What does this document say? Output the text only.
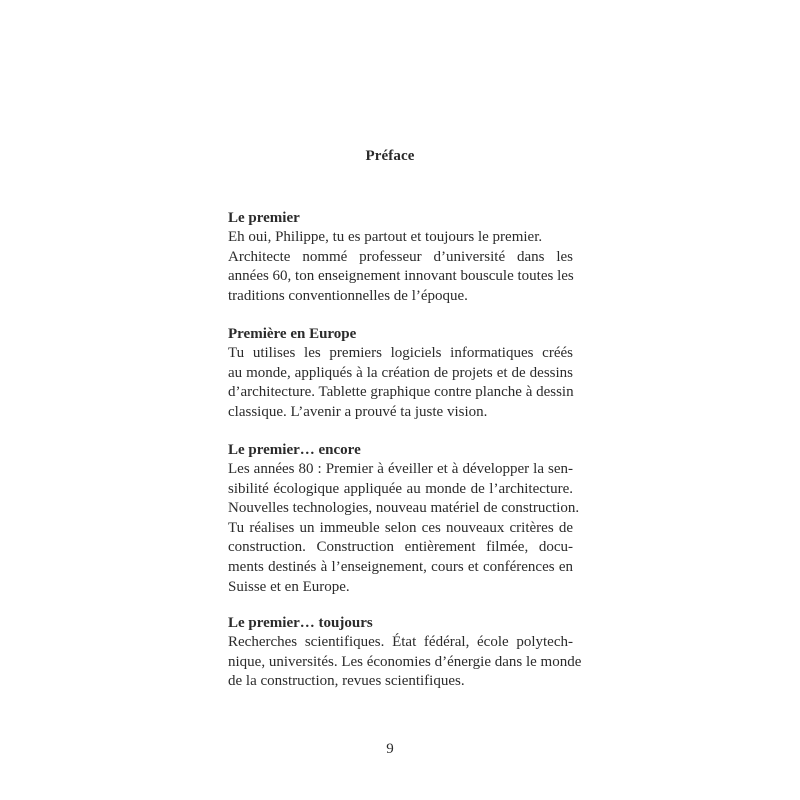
Préface
Le premier
Eh oui, Philippe, tu es partout et toujours le premier.
Architecte nommé professeur d’université dans les
années 60, ton enseignement innovant bouscule toutes les
traditions conventionnelles de l’époque.
Première en Europe
Tu utilises les premiers logiciels informatiques créés
au monde, appliqués à la création de projets et de dessins
d’architecture. Tablette graphique contre planche à dessin
classique. L’avenir a prouvé ta juste vision.
Le premier… encore
Les années 80 : Premier à éveiller et à développer la sen-
sibilité écologique appliquée au monde de l’architecture.
Nouvelles technologies, nouveau matériel de construction.
Tu réalises un immeuble selon ces nouveaux critères de
construction. Construction entièrement filmée, docu-
ments destinés à l’enseignement, cours et conférences en
Suisse et en Europe.
Le premier… toujours
Recherches scientifiques. État fédéral, école polytech-
nique, universités. Les économies d’énergie dans le monde
de la construction, revues scientifiques.
9
